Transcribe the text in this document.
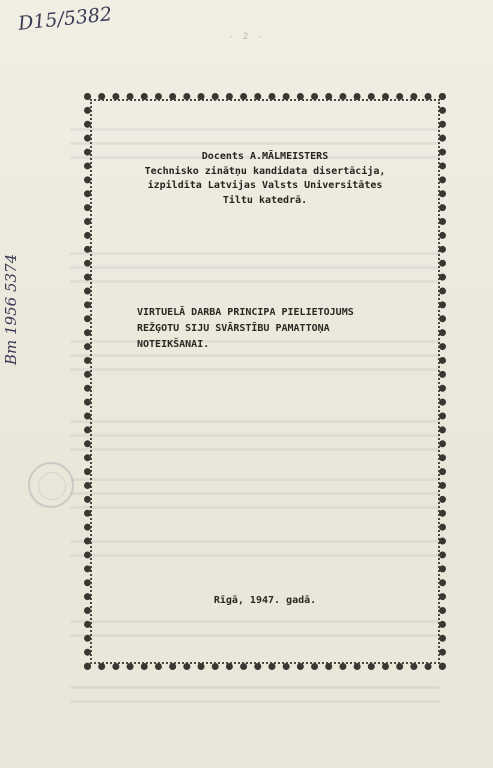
D15/5382
- 2 -
Bm 1956 5374
Docents A.MĀLMEISTERS
Technisko zinātņu kandidata disertācija,
izpildīta Latvijas Valsts Universitātes
Tiltu katedrā.
VIRTUELĀ DARBA PRINCIPA PIELIETOJUMS
REŽĢOTU SIJU SVĀRSTĪBU PAMATTOŅA
NOTEIKŠANAI.
Rīgā, 1947. gadā.
